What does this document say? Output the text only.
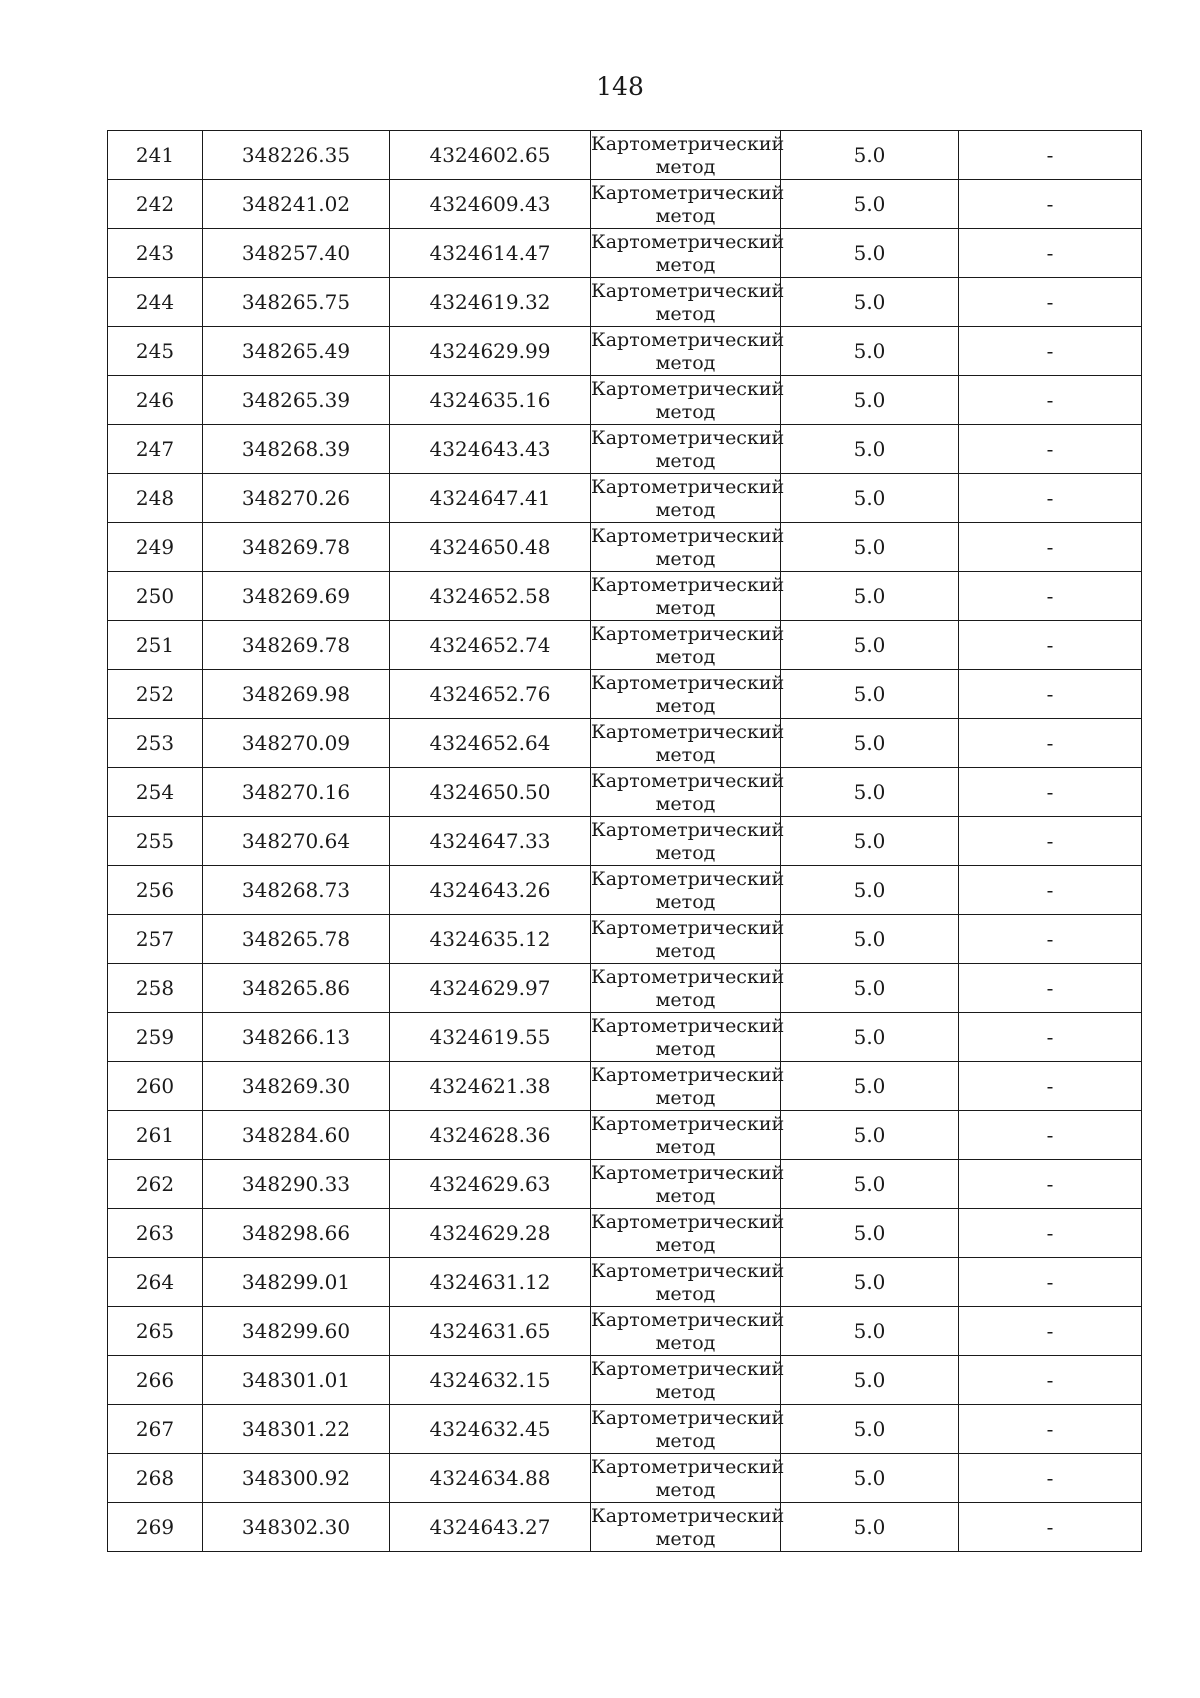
148
241	348226.35	4324602.65	Картометрический
метод	5.0	-
242	348241.02	4324609.43	Картометрический
метод	5.0	-
243	348257.40	4324614.47	Картометрический
метод	5.0	-
244	348265.75	4324619.32	Картометрический
метод	5.0	-
245	348265.49	4324629.99	Картометрический
метод	5.0	-
246	348265.39	4324635.16	Картометрический
метод	5.0	-
247	348268.39	4324643.43	Картометрический
метод	5.0	-
248	348270.26	4324647.41	Картометрический
метод	5.0	-
249	348269.78	4324650.48	Картометрический
метод	5.0	-
250	348269.69	4324652.58	Картометрический
метод	5.0	-
251	348269.78	4324652.74	Картометрический
метод	5.0	-
252	348269.98	4324652.76	Картометрический
метод	5.0	-
253	348270.09	4324652.64	Картометрический
метод	5.0	-
254	348270.16	4324650.50	Картометрический
метод	5.0	-
255	348270.64	4324647.33	Картометрический
метод	5.0	-
256	348268.73	4324643.26	Картометрический
метод	5.0	-
257	348265.78	4324635.12	Картометрический
метод	5.0	-
258	348265.86	4324629.97	Картометрический
метод	5.0	-
259	348266.13	4324619.55	Картометрический
метод	5.0	-
260	348269.30	4324621.38	Картометрический
метод	5.0	-
261	348284.60	4324628.36	Картометрический
метод	5.0	-
262	348290.33	4324629.63	Картометрический
метод	5.0	-
263	348298.66	4324629.28	Картометрический
метод	5.0	-
264	348299.01	4324631.12	Картометрический
метод	5.0	-
265	348299.60	4324631.65	Картометрический
метод	5.0	-
266	348301.01	4324632.15	Картометрический
метод	5.0	-
267	348301.22	4324632.45	Картометрический
метод	5.0	-
268	348300.92	4324634.88	Картометрический
метод	5.0	-
269	348302.30	4324643.27	Картометрический
метод	5.0	-
